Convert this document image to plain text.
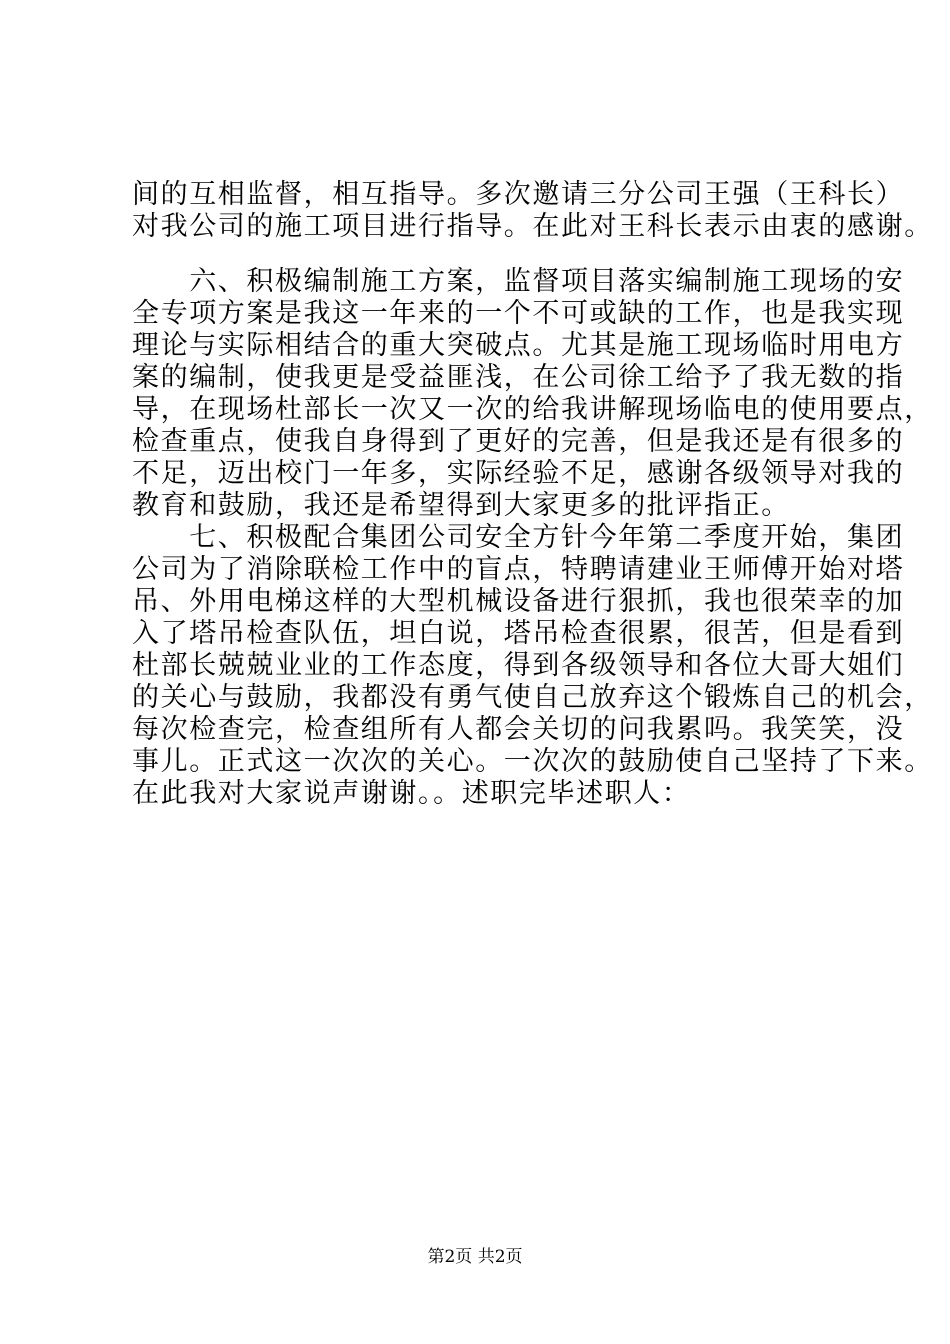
间的互相监督，相互指导。多次邀请三分公司王强（王科长）
对我公司的施工项目进行指导。在此对王科长表示由衷的感谢。
　　六、积极编制施工方案，监督项目落实编制施工现场的安
全专项方案是我这一年来的一个不可或缺的工作，也是我实现
理论与实际相结合的重大突破点。尤其是施工现场临时用电方
案的编制，使我更是受益匪浅，在公司徐工给予了我无数的指
导，在现场杜部长一次又一次的给我讲解现场临电的使用要点，
检查重点，使我自身得到了更好的完善，但是我还是有很多的
不足，迈出校门一年多，实际经验不足，感谢各级领导对我的
教育和鼓励，我还是希望得到大家更多的批评指正。
　　七、积极配合集团公司安全方针今年第二季度开始，集团
公司为了消除联检工作中的盲点，特聘请建业王师傅开始对塔
吊、外用电梯这样的大型机械设备进行狠抓，我也很荣幸的加
入了塔吊检查队伍，坦白说，塔吊检查很累，很苦，但是看到
杜部长兢兢业业的工作态度，得到各级领导和各位大哥大姐们
的关心与鼓励，我都没有勇气使自己放弃这个锻炼自己的机会，
每次检查完，检查组所有人都会关切的问我累吗。我笑笑，没
事儿。正式这一次次的关心。一次次的鼓励使自己坚持了下来。
在此我对大家说声谢谢。。述职完毕述职人：
第2页 共2页
